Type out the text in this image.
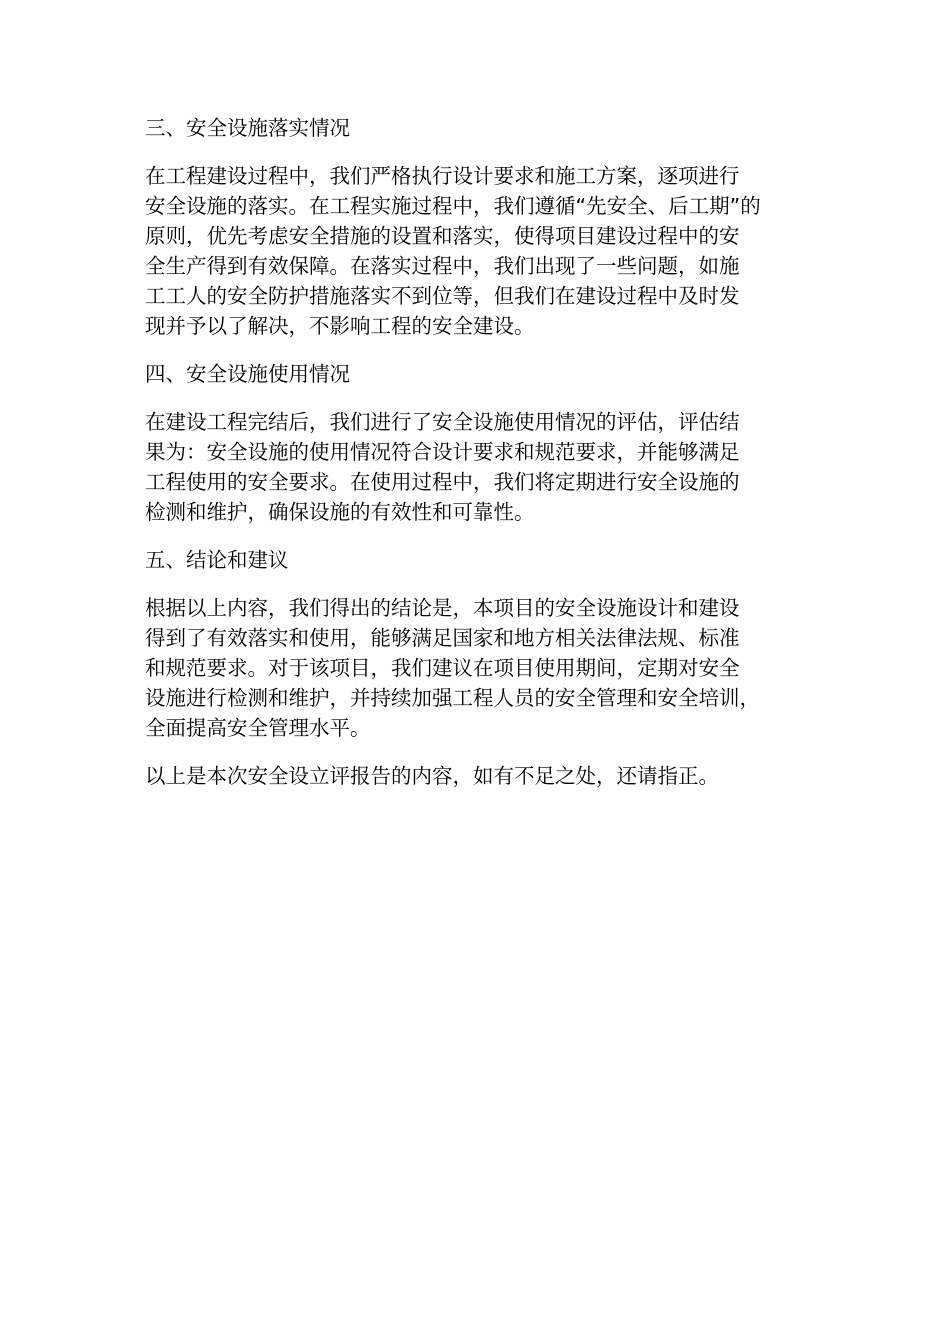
三、安全设施落实情况
在工程建设过程中，我们严格执行设计要求和施工方案，逐项进行
安全设施的落实。在工程实施过程中，我们遵循“先安全、后工期”的
原则，优先考虑安全措施的设置和落实，使得项目建设过程中的安
全生产得到有效保障。在落实过程中，我们出现了一些问题，如施
工工人的安全防护措施落实不到位等，但我们在建设过程中及时发
现并予以了解决，不影响工程的安全建设。
四、安全设施使用情况
在建设工程完结后，我们进行了安全设施使用情况的评估，评估结
果为：安全设施的使用情况符合设计要求和规范要求，并能够满足
工程使用的安全要求。在使用过程中，我们将定期进行安全设施的
检测和维护，确保设施的有效性和可靠性。
五、结论和建议
根据以上内容，我们得出的结论是，本项目的安全设施设计和建设
得到了有效落实和使用，能够满足国家和地方相关法律法规、标准
和规范要求。对于该项目，我们建议在项目使用期间，定期对安全
设施进行检测和维护，并持续加强工程人员的安全管理和安全培训，
全面提高安全管理水平。
以上是本次安全设立评报告的内容，如有不足之处，还请指正。
